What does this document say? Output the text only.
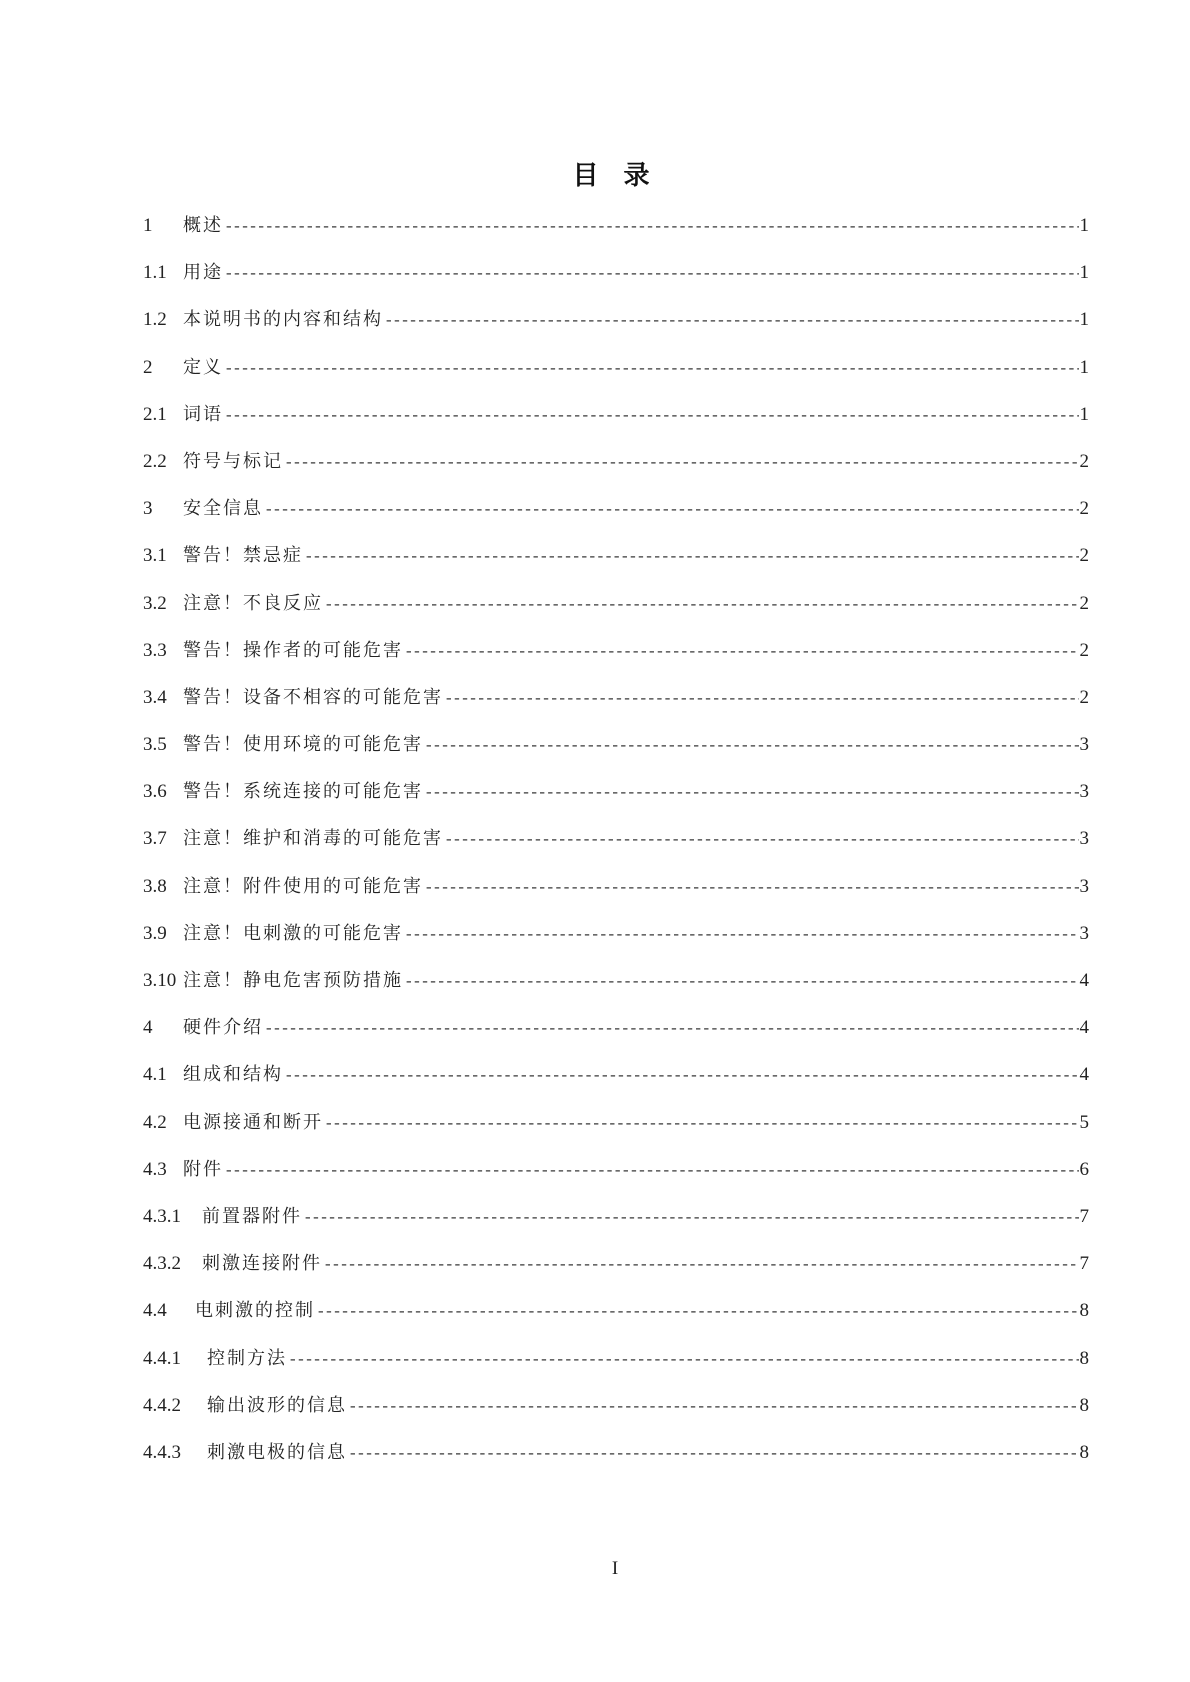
目 录
1	概述 -----	1
1.1 用途 -----	1
1.2 本说明书的内容和结构 -----	1
2	定义 -----	1
2.1 词语 -----	1
2.2 符号与标记 -----	2
3	安全信息 -----	2
3.1 警告！禁忌症 -----	2
3.2 注意！不良反应 -----	2
3.3 警告！操作者的可能危害 -----	2
3.4 警告！设备不相容的可能危害 -----	2
3.5 警告！使用环境的可能危害 -----	3
3.6 警告！系统连接的可能危害 -----	3
3.7 注意！维护和消毒的可能危害 -----	3
3.8 注意！附件使用的可能危害 -----	3
3.9 注意！电刺激的可能危害 -----	3
3.10 注意！静电危害预防措施 -----	4
4	硬件介绍 -----	4
4.1 组成和结构 -----	4
4.2 电源接通和断开 -----	5
4.3 附件 -----	6
4.3.1	前置器附件 -----	7
4.3.2	刺激连接附件 -----	7
4.4	电刺激的控制 -----	8
4.4.1	控制方法 -----	8
4.4.2	输出波形的信息 -----	8
4.4.3	刺激电极的信息 -----	8
I
